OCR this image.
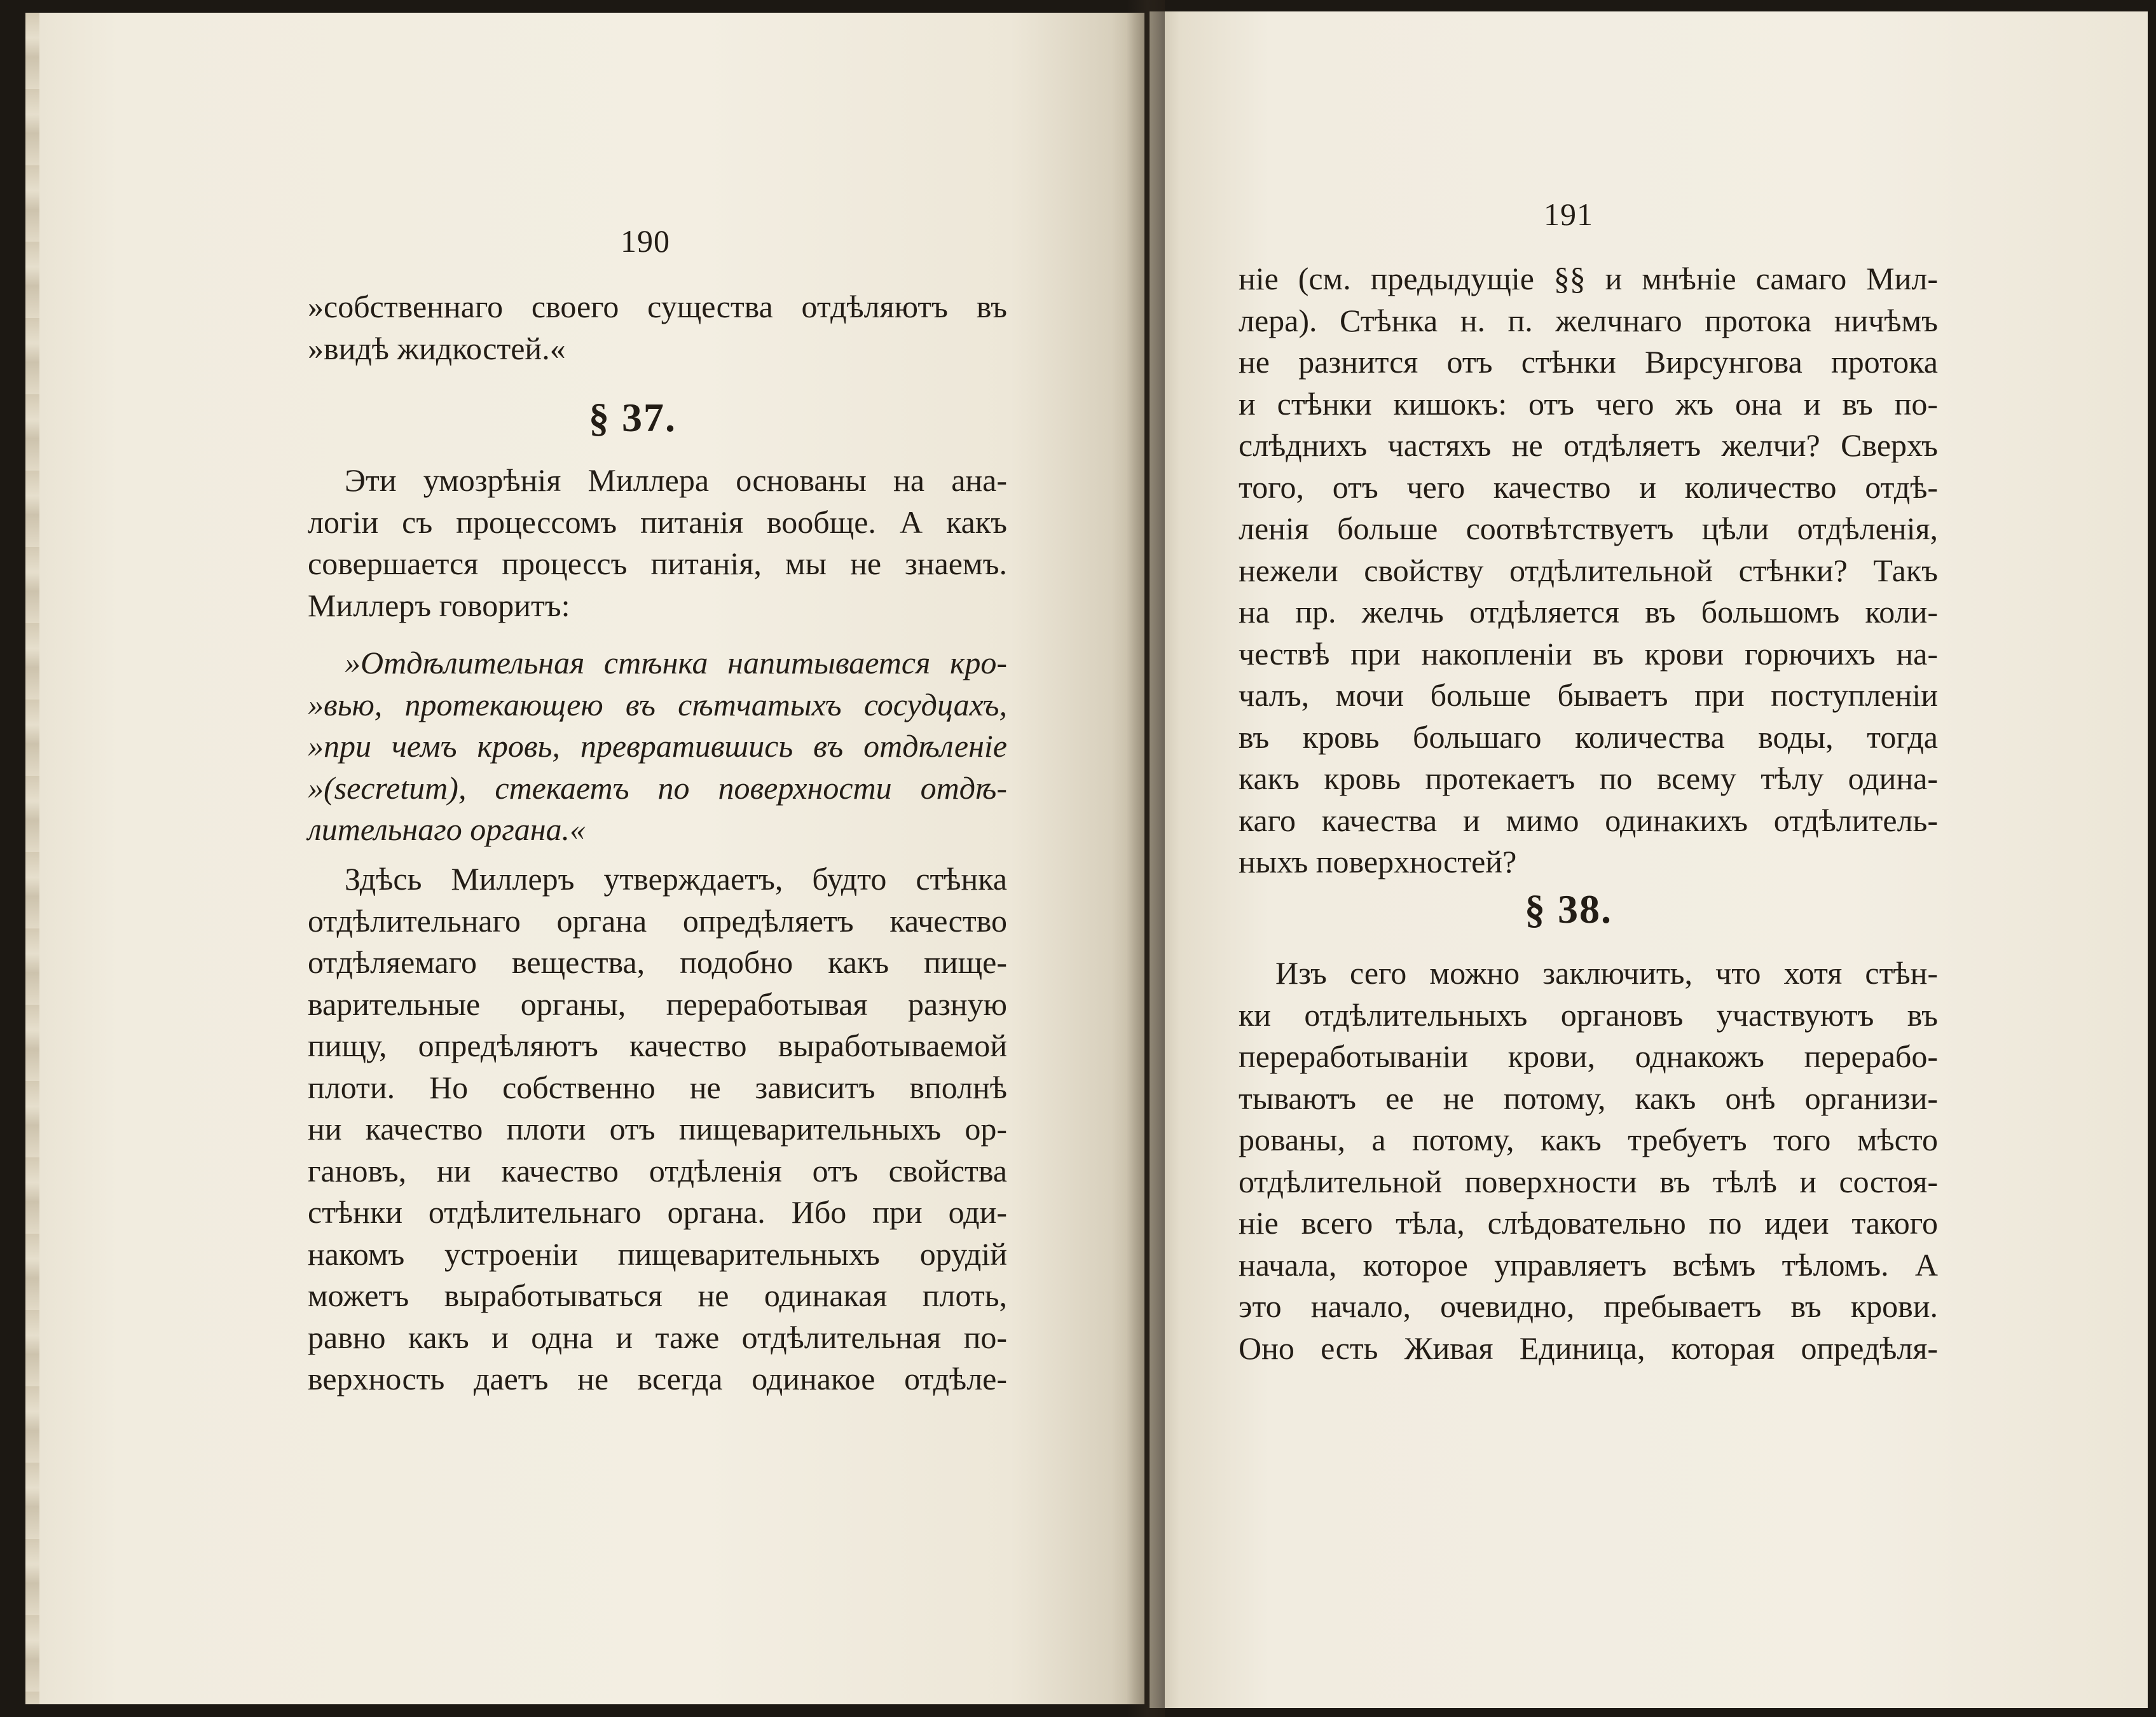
190
»собственнаго своего существа отдѣляютъ въ
»видѣ жидкостей.«
§ 37.
Эти умозрѣнія Миллера основаны на ана-
логіи съ процессомъ питанія вообще. А какъ
совершается процессъ питанія, мы не знаемъ.
Миллеръ говоритъ:
»Отдѣлительная стѣнка напитывается кро-
»вью, протекающею въ сѣтчатыхъ сосудцахъ,
»при чемъ кровь, превратившись въ отдѣленіе
»(secretum), стекаетъ по поверхности отдѣ-
лительнаго органа.«
Здѣсь Миллеръ утверждаетъ, будто стѣнка
отдѣлительнаго органа опредѣляетъ качество
отдѣляемаго вещества, подобно какъ пище-
варительные органы, переработывая разную
пищу, опредѣляютъ качество выработываемой
плоти. Но собственно не зависитъ вполнѣ
ни качество плоти отъ пищеварительныхъ ор-
гановъ, ни качество отдѣленія отъ свойства
стѣнки отдѣлительнаго органа. Ибо при оди-
накомъ устроеніи пищеварительныхъ орудій
можетъ выработываться не одинакая плоть,
равно какъ и одна и таже отдѣлительная по-
верхность даетъ не всегда одинакое отдѣле-
191
ніе (см. предыдущіе §§ и мнѣніе самаго Мил-
лера). Стѣнка н. п. желчнаго протока ничѣмъ
не разнится отъ стѣнки Вирсунгова протока
и стѣнки кишокъ: отъ чего жъ она и въ по-
слѣднихъ частяхъ не отдѣляетъ желчи? Сверхъ
того, отъ чего качество и количество отдѣ-
ленія больше соотвѣтствуетъ цѣли отдѣленія,
нежели свойству отдѣлительной стѣнки? Такъ
на пр. желчь отдѣляется въ большомъ коли-
чествѣ при накопленіи въ крови горючихъ на-
чалъ, мочи больше бываетъ при поступленіи
въ кровь большаго количества воды, тогда
какъ кровь протекаетъ по всему тѣлу одина-
каго качества и мимо одинакихъ отдѣлитель-
ныхъ поверхностей?
§ 38.
Изъ сего можно заключить, что хотя стѣн-
ки отдѣлительныхъ органовъ участвуютъ въ
переработываніи крови, однакожъ перерабо-
тываютъ ее не потому, какъ онѣ организи-
рованы, а потому, какъ требуетъ того мѣсто
отдѣлительной поверхности въ тѣлѣ и состоя-
ніе всего тѣла, слѣдовательно по идеи такого
начала, которое управляетъ всѣмъ тѣломъ. А
это начало, очевидно, пребываетъ въ крови.
Оно есть Живая Единица, которая опредѣля-
